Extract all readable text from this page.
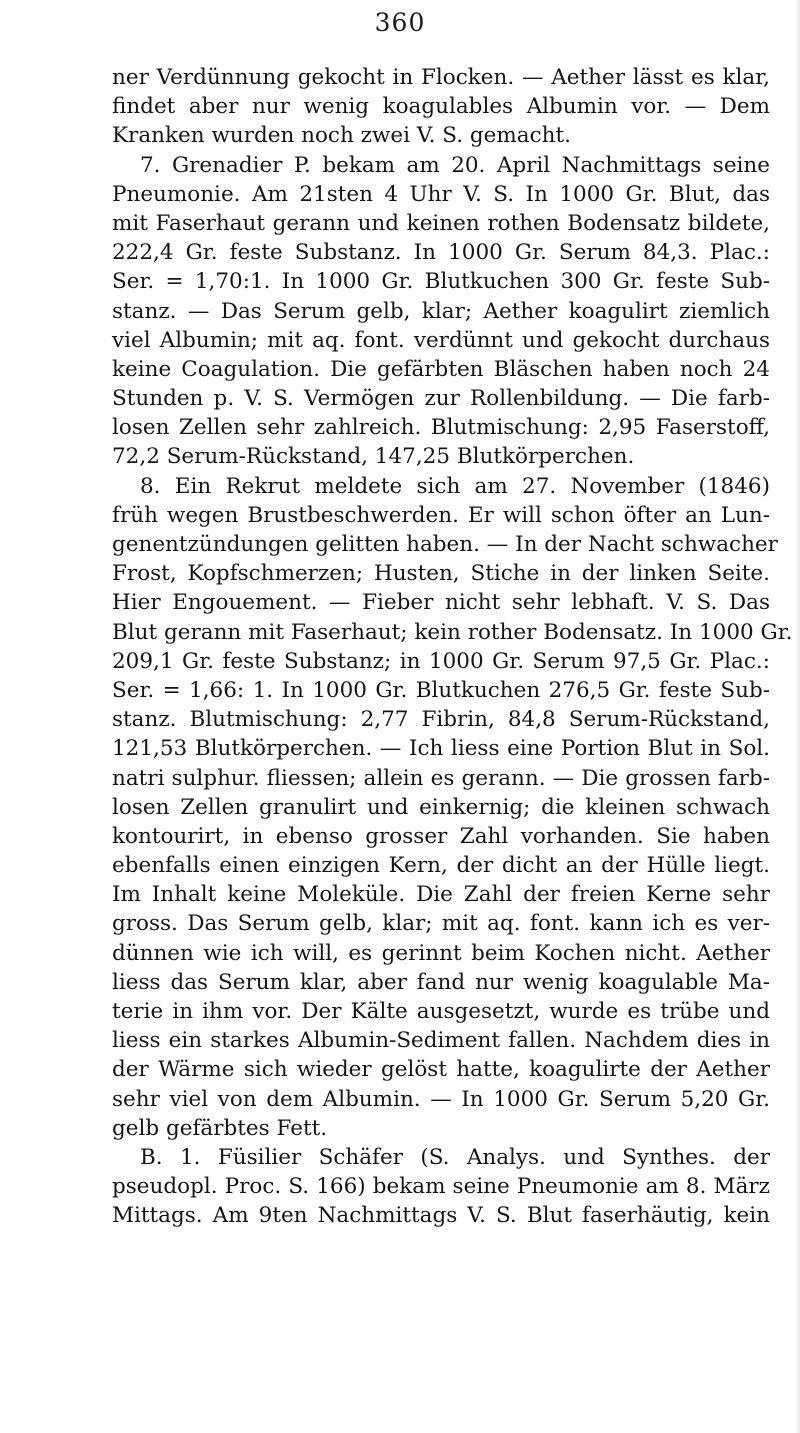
360
ner Verdünnung gekocht in Flocken. — Aether lässt es klar,
findet aber nur wenig koagulables Albumin vor. — Dem
Kranken wurden noch zwei V. S. gemacht.
7. Grenadier P. bekam am 20. April Nachmittags seine
Pneumonie. Am 21sten 4 Uhr V. S. In 1000 Gr. Blut, das
mit Faserhaut gerann und keinen rothen Bodensatz bildete,
222,4 Gr. feste Substanz. In 1000 Gr. Serum 84,3. Plac.:
Ser. = 1,70:1. In 1000 Gr. Blutkuchen 300 Gr. feste Sub-
stanz. — Das Serum gelb, klar; Aether koagulirt ziemlich
viel Albumin; mit aq. font. verdünnt und gekocht durchaus
keine Coagulation. Die gefärbten Bläschen haben noch 24
Stunden p. V. S. Vermögen zur Rollenbildung. — Die farb-
losen Zellen sehr zahlreich. Blutmischung: 2,95 Faserstoff,
72,2 Serum-Rückstand, 147,25 Blutkörperchen.
8. Ein Rekrut meldete sich am 27. November (1846)
früh wegen Brustbeschwerden. Er will schon öfter an Lun-
genentzündungen gelitten haben. — In der Nacht schwacher
Frost, Kopfschmerzen; Husten, Stiche in der linken Seite.
Hier Engouement. — Fieber nicht sehr lebhaft. V. S. Das
Blut gerann mit Faserhaut; kein rother Bodensatz. In 1000 Gr.
209,1 Gr. feste Substanz; in 1000 Gr. Serum 97,5 Gr. Plac.:
Ser. = 1,66: 1. In 1000 Gr. Blutkuchen 276,5 Gr. feste Sub-
stanz. Blutmischung: 2,77 Fibrin, 84,8 Serum-Rückstand,
121,53 Blutkörperchen. — Ich liess eine Portion Blut in Sol.
natri sulphur. fliessen; allein es gerann. — Die grossen farb-
losen Zellen granulirt und einkernig; die kleinen schwach
kontourirt, in ebenso grosser Zahl vorhanden. Sie haben
ebenfalls einen einzigen Kern, der dicht an der Hülle liegt.
Im Inhalt keine Moleküle. Die Zahl der freien Kerne sehr
gross. Das Serum gelb, klar; mit aq. font. kann ich es ver-
dünnen wie ich will, es gerinnt beim Kochen nicht. Aether
liess das Serum klar, aber fand nur wenig koagulable Ma-
terie in ihm vor. Der Kälte ausgesetzt, wurde es trübe und
liess ein starkes Albumin-Sediment fallen. Nachdem dies in
der Wärme sich wieder gelöst hatte, koagulirte der Aether
sehr viel von dem Albumin. — In 1000 Gr. Serum 5,20 Gr.
gelb gefärbtes Fett.
B. 1. Füsilier Schäfer (S. Analys. und Synthes. der
pseudopl. Proc. S. 166) bekam seine Pneumonie am 8. März
Mittags. Am 9ten Nachmittags V. S. Blut faserhäutig, kein
